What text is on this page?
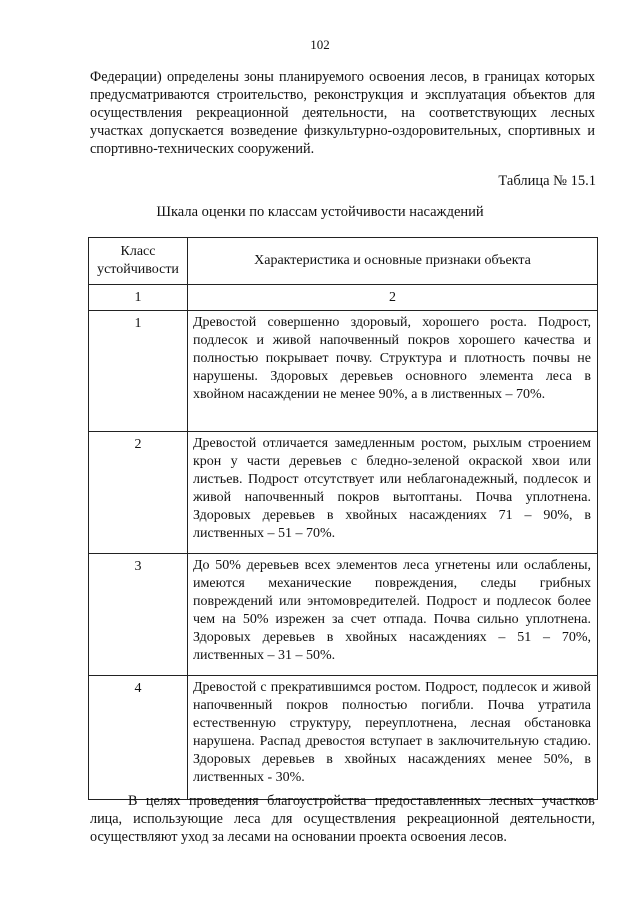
102
Федерации) определены зоны планируемого освоения лесов, в границах которых предусматриваются строительство, реконструкция и эксплуатация объектов для осуществления рекреационной деятельности, на соответствующих лесных участках допускается возведение физкультурно-оздоровительных, спортивных и спортивно-технических сооружений.
Таблица № 15.1
Шкала оценки по классам устойчивости насаждений
Класс устойчивости	Характеристика и основные признаки объекта
1	2
1	Древостой совершенно здоровый, хорошего роста. Подрост, подлесок и живой напочвенный покров хорошего качества и полностью покрывает почву. Структура и плотность почвы не нарушены. Здоровых деревьев основного элемента леса в хвойном насаждении не менее 90%, а в лиственных – 70%.
2	Древостой отличается замедленным ростом, рыхлым строением крон у части деревьев с бледно-зеленой окраской хвои или листьев. Подрост отсутствует или неблагонадежный, подлесок и живой напочвенный покров вытоптаны. Почва уплотнена. Здоровых деревьев в хвойных насаждениях 71 – 90%, в лиственных – 51 – 70%.
3	До 50% деревьев всех элементов леса угнетены или ослаблены, имеются механические повреждения, следы грибных повреждений или энтомовредителей. Подрост и подлесок более чем на 50% изрежен за счет отпада. Почва сильно уплотнена. Здоровых деревьев в хвойных насаждениях – 51 – 70%, лиственных – 31 – 50%.
4	Древостой с прекратившимся ростом. Подрост, подлесок и живой напочвенный покров полностью погибли. Почва утратила естественную структуру, переуплотнена, лесная обстановка нарушена. Распад древостоя вступает в заключительную стадию. Здоровых деревьев в хвойных насаждениях менее 50%, в лиственных - 30%.
В целях проведения благоустройства предоставленных лесных участков лица, использующие леса для осуществления рекреационной деятельности, осуществляют уход за лесами на основании проекта освоения лесов.
